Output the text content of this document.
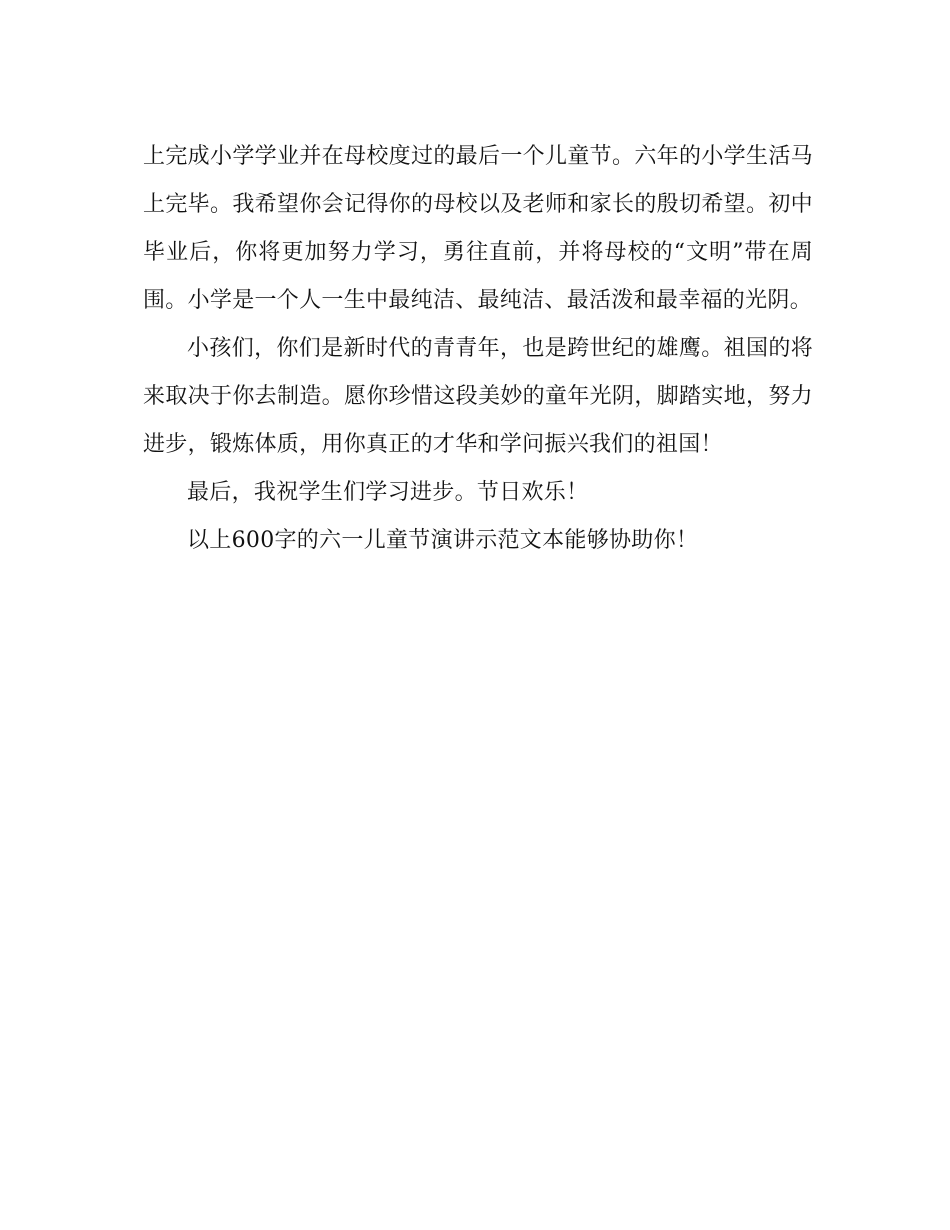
上完成小学学业并在母校度过的最后一个儿童节。六年的小学生活马上完毕。我希望你会记得你的母校以及老师和家长的殷切希望。初中毕业后，你将更加努力学习，勇往直前，并将母校的“文明”带在周围。小学是一个人一生中最纯洁、最纯洁、最活泼和最幸福的光阴。

小孩们，你们是新时代的青青年，也是跨世纪的雄鹰。祖国的将来取决于你去制造。愿你珍惜这段美妙的童年光阴，脚踏实地，努力进步，锻炼体质，用你真正的才华和学问振兴我们的祖国！

最后，我祝学生们学习进步。节日欢乐！

以上600字的六一儿童节演讲示范文本能够协助你！
